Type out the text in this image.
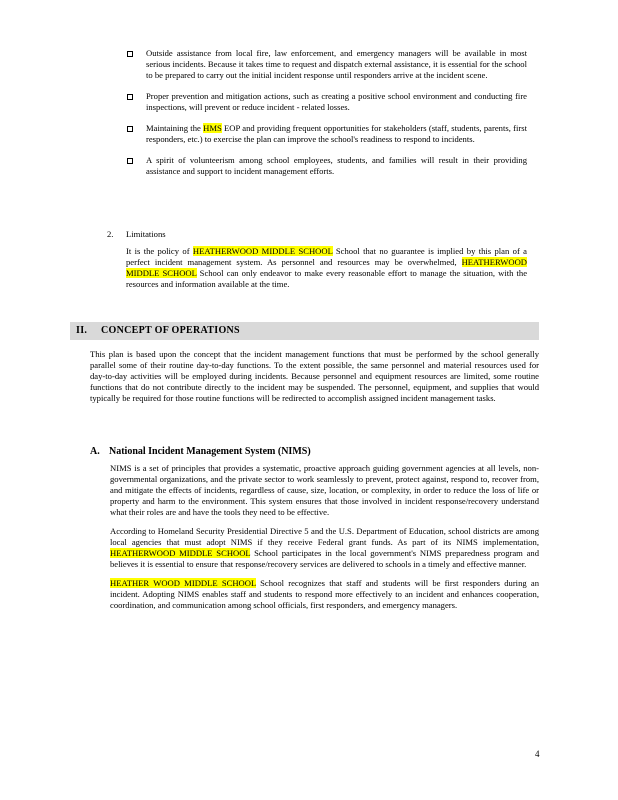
Outside assistance from local fire, law enforcement, and emergency managers will be available in most serious incidents. Because it takes time to request and dispatch external assistance, it is essential for the school to be prepared to carry out the initial incident response until responders arrive at the incident scene.

Proper prevention and mitigation actions, such as creating a positive school environment and conducting fire inspections, will prevent or reduce incident - related losses.

Maintaining the HMS EOP and providing frequent opportunities for stakeholders (staff, students, parents, first responders, etc.) to exercise the plan can improve the school's readiness to respond to incidents.

A spirit of volunteerism among school employees, students, and families will result in their providing assistance and support to incident management efforts.

2. Limitations

It is the policy of HEATHERWOOD MIDDLE SCHOOL School that no guarantee is implied by this plan of a perfect incident management system. As personnel and resources may be overwhelmed, HEATHERWOOD MIDDLE SCHOOL School can only endeavor to make every reasonable effort to manage the situation, with the resources and information available at the time.

II. CONCEPT OF OPERATIONS

This plan is based upon the concept that the incident management functions that must be performed by the school generally parallel some of their routine day-to-day functions. To the extent possible, the same personnel and material resources used for day-to-day activities will be employed during incidents. Because personnel and equipment resources are limited, some routine functions that do not contribute directly to the incident may be suspended. The personnel, equipment, and supplies that would typically be required for those routine functions will be redirected to accomplish assigned incident management tasks.

A. National Incident Management System (NIMS)

NIMS is a set of principles that provides a systematic, proactive approach guiding government agencies at all levels, non-governmental organizations, and the private sector to work seamlessly to prevent, protect against, respond to, recover from, and mitigate the effects of incidents, regardless of cause, size, location, or complexity, in order to reduce the loss of life or property and harm to the environment. This system ensures that those involved in incident response/recovery understand what their roles are and have the tools they need to be effective.

According to Homeland Security Presidential Directive 5 and the U.S. Department of Education, school districts are among local agencies that must adopt NIMS if they receive Federal grant funds. As part of its NIMS implementation, HEATHERWOOD MIDDLE SCHOOL School participates in the local government's NIMS preparedness program and believes it is essential to ensure that response/recovery services are delivered to schools in a timely and effective manner.

HEATHER WOOD MIDDLE SCHOOL School recognizes that staff and students will be first responders during an incident. Adopting NIMS enables staff and students to respond more effectively to an incident and enhances cooperation, coordination, and communication among school officials, first responders, and emergency managers.

4
